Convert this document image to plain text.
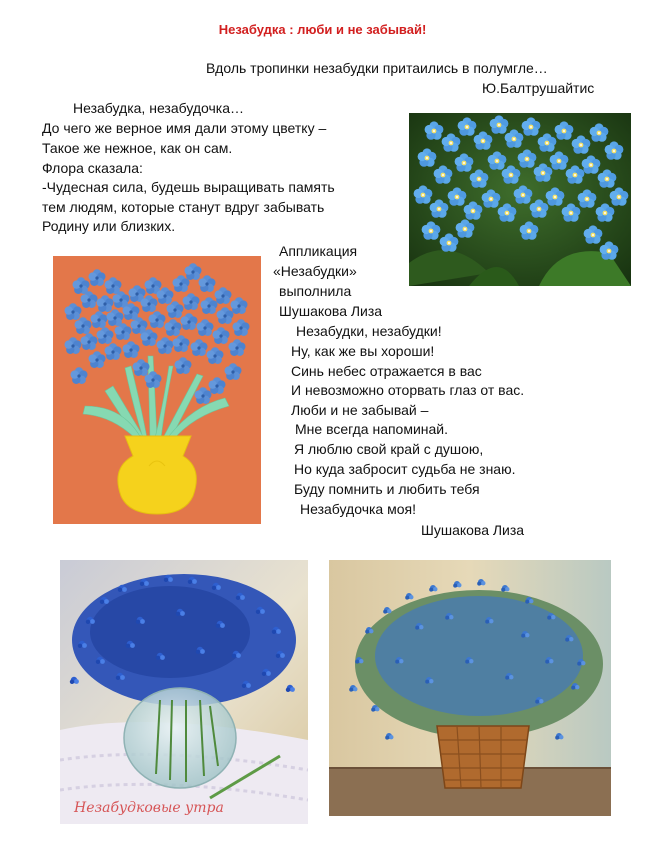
Незабудка : люби и не забывай!
Вдоль тропинки незабудки притаились в полумгле…
Ю.Балтрушайтис
Незабудка, незабудочка…
До чего же верное имя дали этому цветку –
Такое же нежное, как он сам.
Флора сказала:
-Чудесная сила, будешь выращивать память
тем людям, которые станут вдруг забывать
Родину или близких.
Аппликация
«Незабудки»
выполнила
Шушакова Лиза
Незабудки, незабудки!
Ну, как же вы хороши!
Синь небес отражается в вас
И невозможно оторвать глаз от вас.
Люби и не забывай –
Мне всегда напоминай.
Я люблю свой край с душою,
Но куда забросит судьба не знаю.
Буду помнить и любить тебя
Незабудочка моя!
Шушакова Лиза
Незабудковые утра
